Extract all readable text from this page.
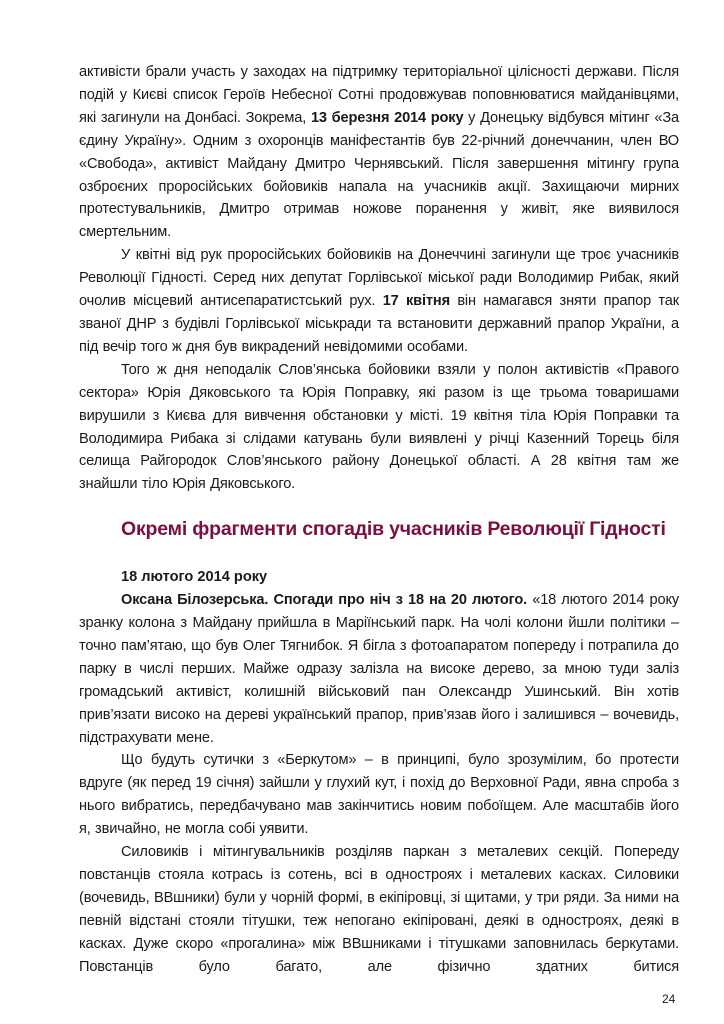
активісти брали участь у заходах на підтримку територіальної цілісності держави. Після подій у Києві список Героїв Небесної Сотні продовжував поповнюватися майданівцями, які загинули на Донбасі. Зокрема, 13 березня 2014 року у Донецьку відбувся мітинг «За єдину Україну». Одним з охоронців маніфестантів був 22-річний донеччанин, член ВО «Свобода», активіст Майдану Дмитро Чернявський. Після завершення мітингу група озброєних проросійських бойовиків напала на учасників акції. Захищаючи мирних протестувальників, Дмитро отримав ножове поранення у живіт, яке виявилося смертельним.

У квітні від рук проросійських бойовиків на Донеччині загинули ще троє учасників Революції Гідності. Серед них депутат Горлівської міської ради Володимир Рибак, який очолив місцевий антисепаратистський рух. 17 квітня він намагався зняти прапор так званої ДНР з будівлі Горлівської міськради та встановити державний прапор України, а під вечір того ж дня був викрадений невідомими особами.

Того ж дня неподалік Слов’янська бойовики взяли у полон активістів «Правого сектора» Юрія Дяковського та Юрія Поправку, які разом із ще трьома товаришами вирушили з Києва для вивчення обстановки у місті. 19 квітня тіла Юрія Поправки та Володимира Рибака зі слідами катувань були виявлені у річці Казенний Торець біля селища Райгородок Слов’янського району Донецької області. А 28 квітня там же знайшли тіло Юрія Дяковського.

Окремі фрагменти спогадів учасників Революції Гідності
18 лютого 2014 року

Оксана Білозерська. Спогади про ніч з 18 на 20 лютого. «18 лютого 2014 року зранку колона з Майдану прийшла в Маріїнський парк. На чолі колони йшли політики – точно пам’ятаю, що був Олег Тягнибок. Я бігла з фотоапаратом попереду і потрапила до парку в числі перших. Майже одразу залізла на високе дерево, за мною туди заліз громадський активіст, колишній військовий пан Олександр Ушинський. Він хотів прив’язати високо на дереві український прапор, прив’язав його і залишився – вочевидь, підстрахувати мене.

Що будуть сутички з «Беркутом» – в принципі, було зрозумілим, бо протести вдруге (як перед 19 січня) зайшли у глухий кут, і похід до Верховної Ради, явна спроба з нього вибратись, передбачувано мав закінчитись новим побоїщем. Але масштабів його я, звичайно, не могла собі уявити.

Силовиків і мітингувальників розділяв паркан з металевих секцій. Попереду повстанців стояла котрась із сотень, всі в одностроях і металевих касках. Силовики (вочевидь, ВВшники) були у чорній формі, в екіпіровці, зі щитами, у три ряди. За ними на певній відстані стояли тітушки, теж непогано екіпіровані, деякі в одностроях, деякі в касках. Дуже скоро «прогалина» між ВВшниками і тітушками заповнилась беркутами. Повстанців було багато, але фізично здатних битися

24
